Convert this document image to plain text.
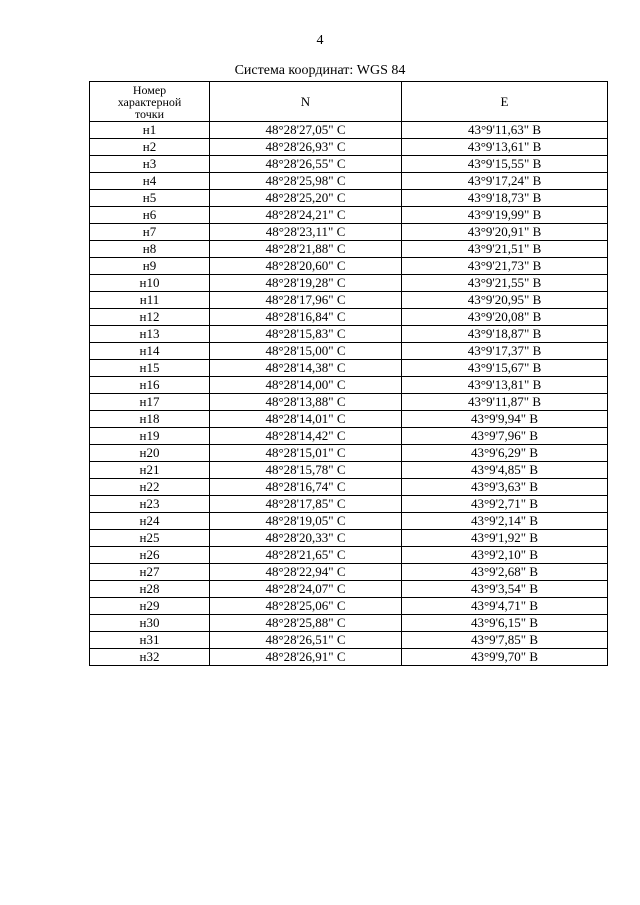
4
Система координат: WGS 84
Номер
характерной
точки	N	E
н1	48°28'27,05" С	43°9'11,63" В
н2	48°28'26,93" С	43°9'13,61" В
н3	48°28'26,55" С	43°9'15,55" В
н4	48°28'25,98" С	43°9'17,24" В
н5	48°28'25,20" С	43°9'18,73" В
н6	48°28'24,21" С	43°9'19,99" В
н7	48°28'23,11" С	43°9'20,91" В
н8	48°28'21,88" С	43°9'21,51" В
н9	48°28'20,60" С	43°9'21,73" В
н10	48°28'19,28" С	43°9'21,55" В
н11	48°28'17,96" С	43°9'20,95" В
н12	48°28'16,84" С	43°9'20,08" В
н13	48°28'15,83" С	43°9'18,87" В
н14	48°28'15,00" С	43°9'17,37" В
н15	48°28'14,38" С	43°9'15,67" В
н16	48°28'14,00" С	43°9'13,81" В
н17	48°28'13,88" С	43°9'11,87" В
н18	48°28'14,01" С	43°9'9,94" В
н19	48°28'14,42" С	43°9'7,96" В
н20	48°28'15,01" С	43°9'6,29" В
н21	48°28'15,78" С	43°9'4,85" В
н22	48°28'16,74" С	43°9'3,63" В
н23	48°28'17,85" С	43°9'2,71" В
н24	48°28'19,05" С	43°9'2,14" В
н25	48°28'20,33" С	43°9'1,92" В
н26	48°28'21,65" С	43°9'2,10" В
н27	48°28'22,94" С	43°9'2,68" В
н28	48°28'24,07" С	43°9'3,54" В
н29	48°28'25,06" С	43°9'4,71" В
н30	48°28'25,88" С	43°9'6,15" В
н31	48°28'26,51" С	43°9'7,85" В
н32	48°28'26,91" С	43°9'9,70" В
